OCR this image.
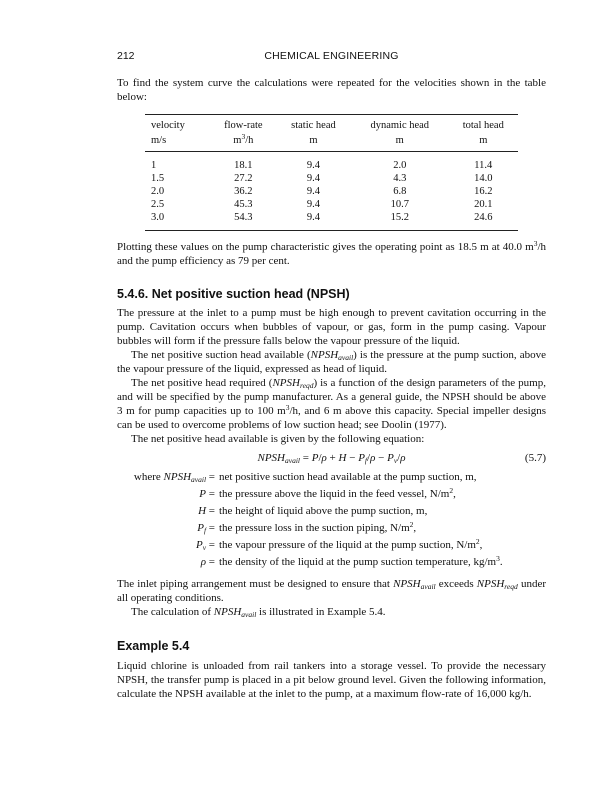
212	CHEMICAL ENGINEERING

To find the system curve the calculations were repeated for the velocities shown in the table below:

velocity	flow-rate	static head	dynamic head	total head
m/s	$m^3/h$	m	m	m
1	18.1	9.4	2.0	11.4
1.5	27.2	9.4	4.3	14.0
2.0	36.2	9.4	6.8	16.2
2.5	45.3	9.4	10.7	20.1
3.0	54.3	9.4	15.2	24.6

Plotting these values on the pump characteristic gives the operating point as 18.5 m at 40.0 $m^3/h$ and the pump efficiency as 79 per cent.

5.4.6. Net positive suction head (NPSH)

The pressure at the inlet to a pump must be high enough to prevent cavitation occurring in the pump. Cavitation occurs when bubbles of vapour, or gas, form in the pump casing. Vapour bubbles will form if the pressure falls below the vapour pressure of the liquid.

The net positive suction head available $(NPSH_{avail})$ is the pressure at the pump suction, above the vapour pressure of the liquid, expressed as head of liquid.

The net positive head required $(NPSH_{reqd})$ is a function of the design parameters of the pump, and will be specified by the pump manufacturer. As a general guide, the NPSH should be above 3 m for pump capacities up to 100 $m^3/h$, and 6 m above this capacity. Special impeller designs can be used to overcome problems of low suction head; see Doolin (1977).

The net positive head available is given by the following equation:

$NPSH_{avail} = P/\rho + H - P_f/\rho - P_v/\rho$	(5.7)
where $NPSH_{avail}$ = net positive suction head available at the pump suction, m,
P = the pressure above the liquid in the feed vessel, $N/m^2$,
H = the height of liquid above the pump suction, m,
$P_f$ = the pressure loss in the suction piping, $N/m^2$,
$P_v$ = the vapour pressure of the liquid at the pump suction, $N/m^2$,
ρ = the density of the liquid at the pump suction temperature, $kg/m^3$.

The inlet piping arrangement must be designed to ensure that $NPSH_{avail}$ exceeds $NPSH_{reqd}$ under all operating conditions.

The calculation of $NPSH_{avail}$ is illustrated in Example 5.4.

Example 5.4

Liquid chlorine is unloaded from rail tankers into a storage vessel. To provide the necessary NPSH, the transfer pump is placed in a pit below ground level. Given the following information, calculate the NPSH available at the inlet to the pump, at a maximum flow-rate of 16,000 kg/h.
